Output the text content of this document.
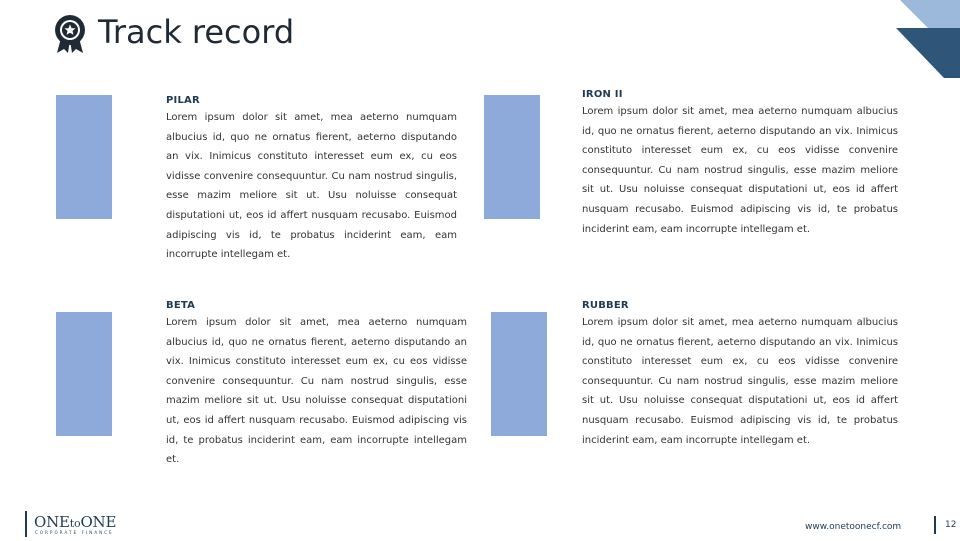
Track record
PILAR

Lorem ipsum dolor sit amet, mea aeterno numquam albucius id, quo ne ornatus fierent, aeterno disputando an vix. Inimicus constituto interesset eum ex, cu eos vidisse convenire consequuntur. Cu nam nostrud singulis, esse mazim meliore sit ut. Usu noluisse consequat disputationi ut, eos id affert nusquam recusabo. Euismod adipiscing vis id, te probatus inciderint eam, eam incorrupte intellegam et.

IRON II

Lorem ipsum dolor sit amet, mea aeterno numquam albucius id, quo ne ornatus fierent, aeterno disputando an vix. Inimicus constituto interesset eum ex, cu eos vidisse convenire consequuntur. Cu nam nostrud singulis, esse mazim meliore sit ut. Usu noluisse consequat disputationi ut, eos id affert nusquam recusabo. Euismod adipiscing vis id, te probatus inciderint eam, eam incorrupte intellegam et.

BETA

Lorem ipsum dolor sit amet, mea aeterno numquam albucius id, quo ne ornatus fierent, aeterno disputando an vix. Inimicus constituto interesset eum ex, cu eos vidisse convenire consequuntur. Cu nam nostrud singulis, esse mazim meliore sit ut. Usu noluisse consequat disputationi ut, eos id affert nusquam recusabo. Euismod adipiscing vis id, te probatus inciderint eam, eam incorrupte intellegam et.

RUBBER

Lorem ipsum dolor sit amet, mea aeterno numquam albucius id, quo ne ornatus fierent, aeterno disputando an vix. Inimicus constituto interesset eum ex, cu eos vidisse convenire consequuntur. Cu nam nostrud singulis, esse mazim meliore sit ut. Usu noluisse consequat disputationi ut, eos id affert nusquam recusabo. Euismod adipiscing vis id, te probatus inciderint eam, eam incorrupte intellegam et.

ONEtoONE
CORPORATE FINANCE
www.onetoonecf.com	12
